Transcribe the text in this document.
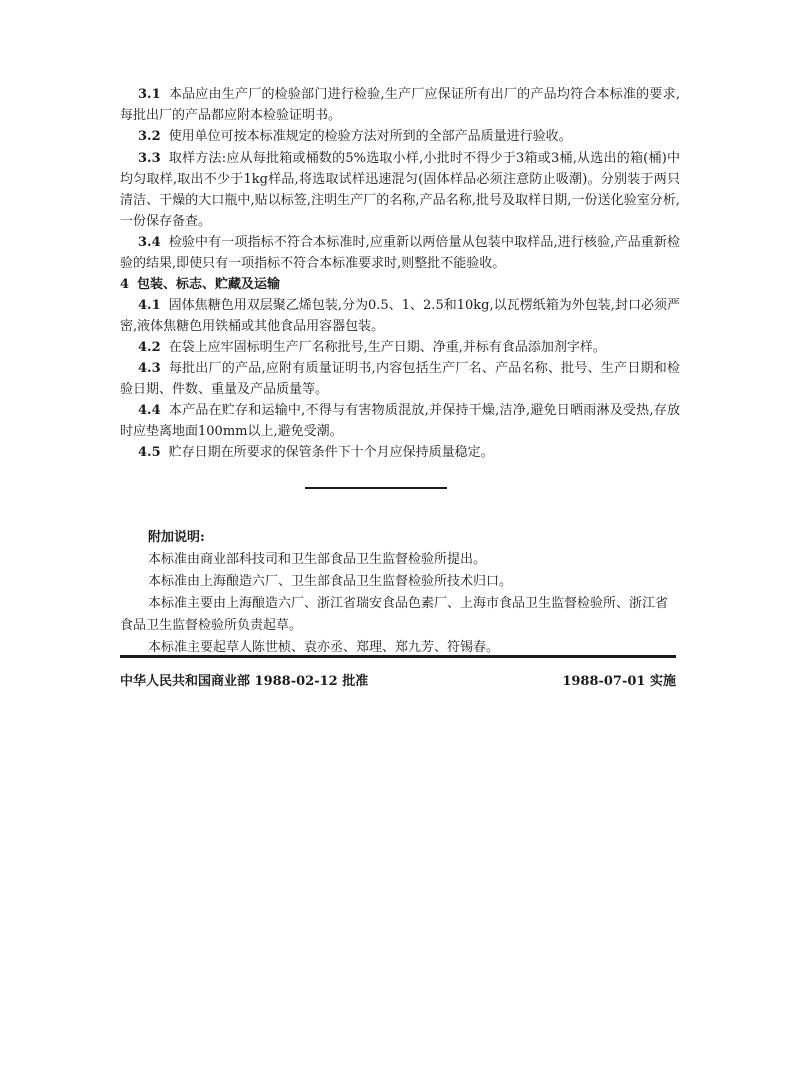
3.1 本品应由生产厂的检验部门进行检验,生产厂应保证所有出厂的产品均符合本标准的要求,每批出厂的产品都应附本检验证明书。

3.2 使用单位可按本标准规定的检验方法对所到的全部产品质量进行验收。

3.3 取样方法:应从每批箱或桶数的5%选取小样,小批时不得少于3箱或3桶,从选出的箱(桶)中均匀取样,取出不少于1kg样品,将选取试样迅速混匀(固体样品必须注意防止吸潮)。分别装于两只清洁、干燥的大口瓶中,贴以标签,注明生产厂的名称,产品名称,批号及取样日期,一份送化验室分析,一份保存备查。

3.4 检验中有一项指标不符合本标准时,应重新以两倍量从包装中取样品,进行核验,产品重新检验的结果,即使只有一项指标不符合本标准要求时,则整批不能验收。

4 包装、标志、贮藏及运输

4.1 固体焦糖色用双层聚乙烯包装,分为0.5、1、2.5和10kg,以瓦楞纸箱为外包装,封口必须严密,液体焦糖色用铁桶或其他食品用容器包装。

4.2 在袋上应牢固标明生产厂名称批号,生产日期、净重,并标有食品添加剂字样。

4.3 每批出厂的产品,应附有质量证明书,内容包括生产厂名、产品名称、批号、生产日期和检验日期、件数、重量及产品质量等。

4.4 本产品在贮存和运输中,不得与有害物质混放,并保持干燥,洁净,避免日晒雨淋及受热,存放时应垫离地面100mm以上,避免受潮。

4.5 贮存日期在所要求的保管条件下十个月应保持质量稳定。

附加说明:

本标准由商业部科技司和卫生部食品卫生监督检验所提出。

本标准由上海酿造六厂、卫生部食品卫生监督检验所技术归口。

本标准主要由上海酿造六厂、浙江省瑞安食品色素厂、上海市食品卫生监督检验所、浙江省食品卫生监督检验所负责起草。

本标准主要起草人陈世桢、袁亦丞、郑理、郑九芳、符锡春。

中华人民共和国商业部 1988-02-12 批准	1988-07-01 实施
